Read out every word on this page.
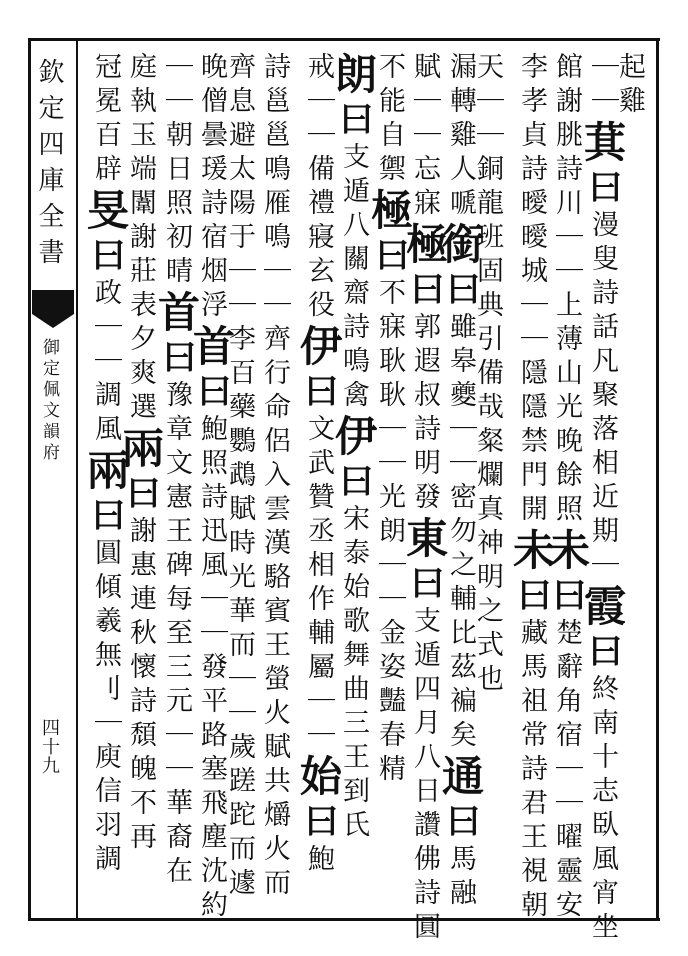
欽定四庫全書
御定佩文韻府
四十九
起雞
｜｜萁曰漫叟詩話凡聚落相近期｜霞曰終南十志臥風宵坐
館謝朓詩川｜｜上薄山光晚餘照未曰楚辭角宿｜｜曜靈安
李孝貞詩曖曖城｜｜隱隱禁門開未曰藏馬祖常詩君王視朝
天｜｜銅龍班固典引備哉粲爛真神明之式也
漏轉雞人嗁銜曰雖皋夔｜｜密勿之輔比茲褊矣通曰馬融
賦｜｜忘寐極曰郭遐叔詩明發東曰支遁四月八日讚佛詩圓
不能自禦極曰不寐耿耿｜｜光朗｜｜金姿豔春精
朗曰支遁八關齋詩鳴禽伊曰宋泰始歌舞曲三王到氏
戒｜｜備禮寢玄役伊曰文武贊丞相作輔屬｜｜始曰鮑
詩邕邕鳴雁鳴｜｜齊行命侶入雲漢駱賓王螢火賦共爝火而
齊息避太陽于｜｜李百藥鸚鵡賦時光華而｜｜歲蹉跎而遽
晚僧曇瑗詩宿烟浮首曰鮑照詩迅風｜｜發平路塞飛塵沈約
｜｜朝日照初晴首曰豫章文憲王碑每至三元｜｜華裔在
庭執玉端闈謝莊表夕爽選兩曰謝惠連秋懷詩頹魄不再
冠冕百辟旻曰政｜｜調風兩曰圓傾羲無刂｜庾信羽調
